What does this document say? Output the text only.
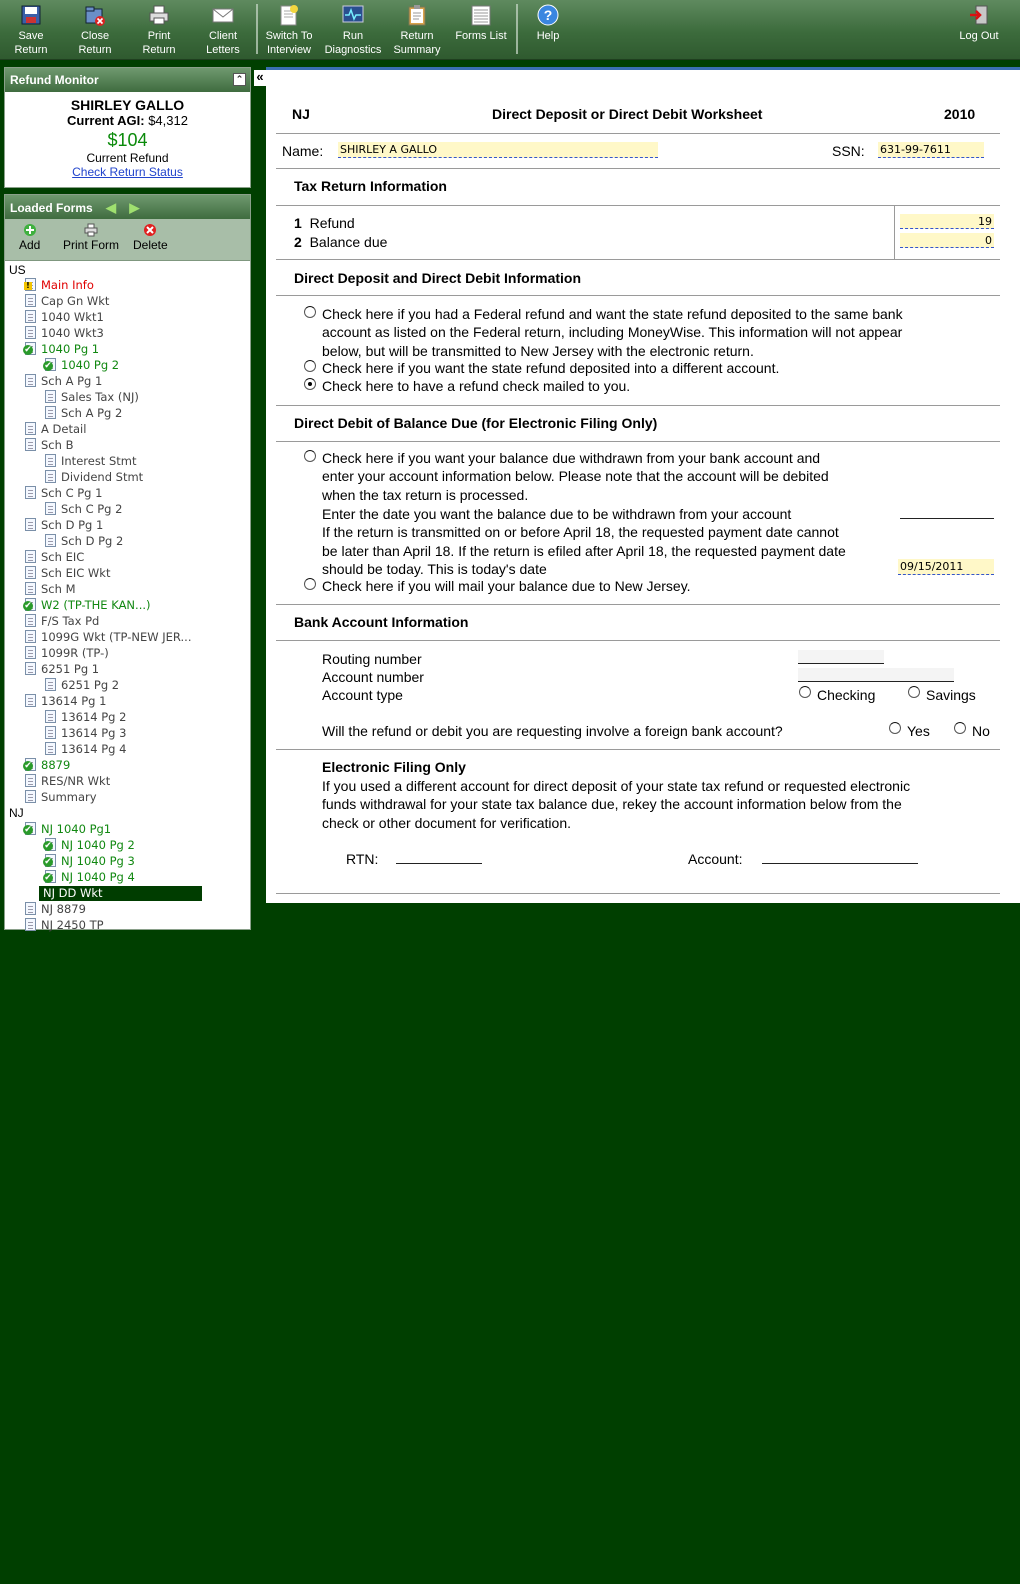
Save
Return
Close
Return
Print
Return
Client
Letters
Switch To
Interview
Run
Diagnostics
Return
Summary
Forms List
?
Help	Log Out
Refund Monitor	⌃
SHIRLEY GALLO
Current AGI: $4,312
$104
Current Refund
Check Return Status
Loaded Forms ◀ ▶
Add Print Form Delete
US
!Main Info
Cap Gn Wkt
1040 Wkt1
1040 Wkt3
✔1040 Pg 1
✔1040 Pg 2
Sch A Pg 1
Sales Tax (NJ)
Sch A Pg 2
A Detail
Sch B
Interest Stmt
Dividend Stmt
Sch C Pg 1
Sch C Pg 2
Sch D Pg 1
Sch D Pg 2
Sch EIC
Sch EIC Wkt
Sch M
✔W2 (TP-THE KAN...)
F/S Tax Pd
1099G Wkt (TP-NEW JER...
1099R (TP-)
6251 Pg 1
6251 Pg 2
13614 Pg 1
13614 Pg 2
13614 Pg 3
13614 Pg 4
✔8879
RES/NR Wkt
Summary
NJ
✔NJ 1040 Pg1
✔NJ 1040 Pg 2
✔NJ 1040 Pg 3
✔NJ 1040 Pg 4
NJ DD Wkt
NJ 8879
NJ 2450 TP
«
NJ	Direct Deposit or Direct Debit Worksheet	2010
Name: SHIRLEY A GALLO	SSN: 631-99-7611
Tax Return Information
1 Refund	19
2 Balance due	0
Direct Deposit and Direct Debit Information
Check here if you had a Federal refund and want the state refund deposited to the same bank
account as listed on the Federal return, including MoneyWise. This information will not appear
below, but will be transmitted to New Jersey with the electronic return.
Check here if you want the state refund deposited into a different account.
Check here to have a refund check mailed to you.
Direct Debit of Balance Due (for Electronic Filing Only)
Check here if you want your balance due withdrawn from your bank account and
enter your account information below. Please note that the account will be debited
when the tax return is processed.
Enter the date you want the balance due to be withdrawn from your account
If the return is transmitted on or before April 18, the requested payment date cannot
be later than April 18. If the return is efiled after April 18, the requested payment date
should be today. This is today's date	09/15/2011
Check here if you will mail your balance due to New Jersey.
Bank Account Information
Routing number
Account number
Account type	Checking	Savings
Will the refund or debit you are requesting involve a foreign bank account?	Yes	No
Electronic Filing Only
If you used a different account for direct deposit of your state tax refund or requested electronic
funds withdrawal for your state tax balance due, rekey the account information below from the
check or other document for verification.
RTN:	Account:
